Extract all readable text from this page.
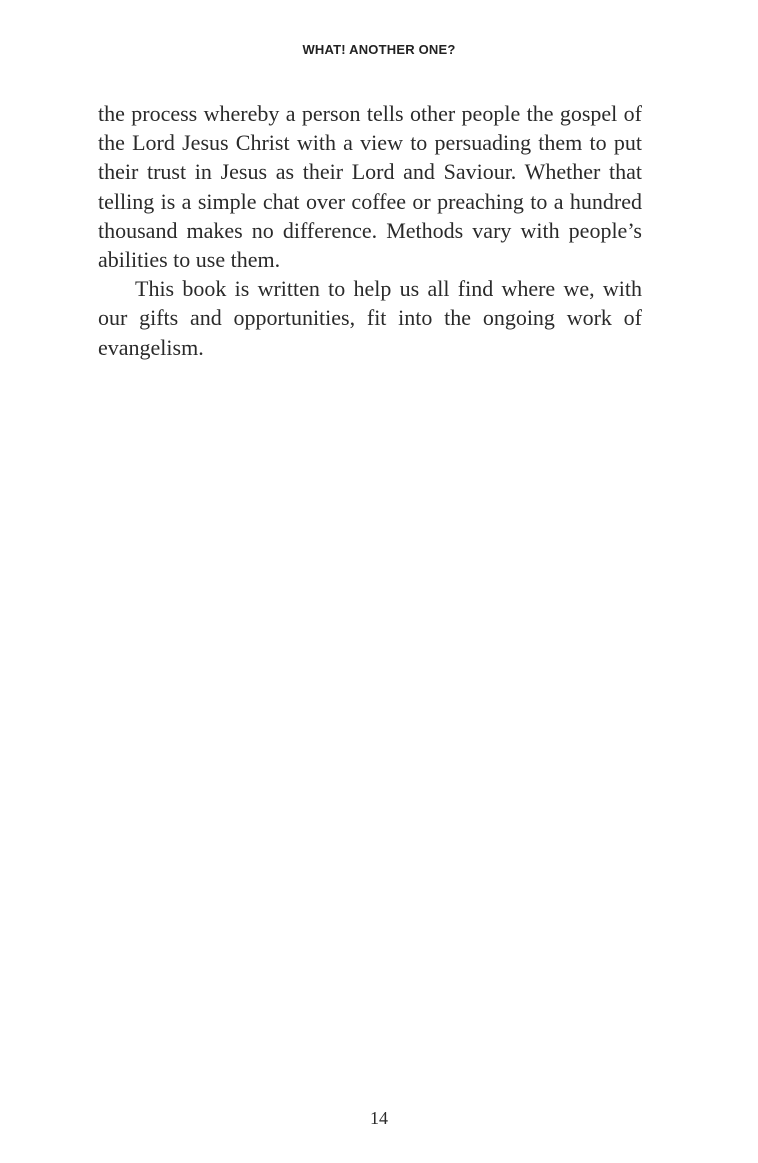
WHAT! ANOTHER ONE?

the process whereby a person tells other people the gospel of the Lord Jesus Christ with a view to persuading them to put their trust in Jesus as their Lord and Saviour. Whether that telling is a simple chat over coffee or preaching to a hundred thousand makes no difference. Methods vary with people’s abilities to use them.

This book is written to help us all find where we, with our gifts and opportunities, fit into the ongoing work of evangelism.

14
